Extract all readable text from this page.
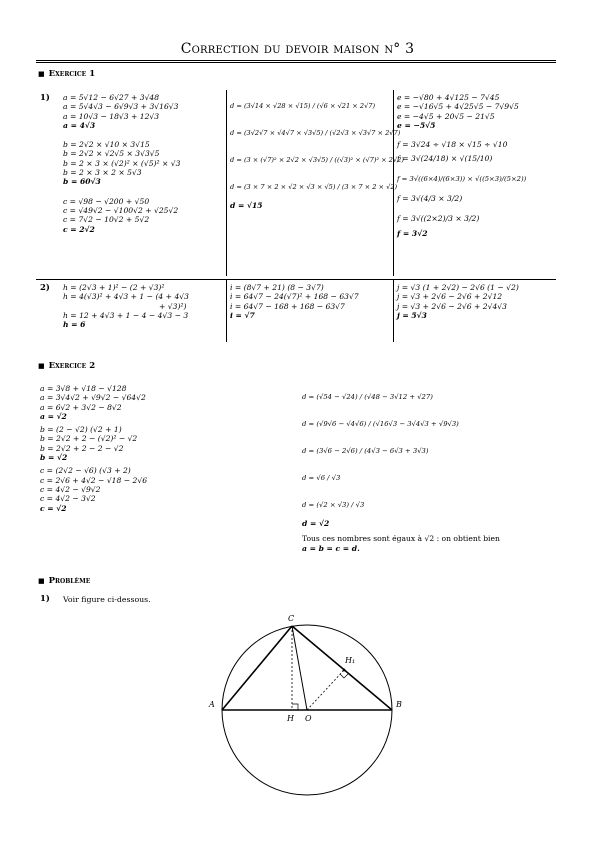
Correction du devoir maison n° 3
■ Exercice 1
1) a = 5√12 − 6√27 + 3√48
a = 5√4√3 − 6√9√3 + 3√16√3
a = 10√3 − 18√3 + 12√3
a = 4√3
b = 2√2 × √10 × 3√15
b = 2√2 × √2√5 × 3√3√5
b = 2 × 3 × (√2)² × (√5)² × √3
b = 2 × 3 × 2 × 5√3
b = 60√3
c = √98 − √200 + √50
c = √49√2 − √100√2 + √25√2
c = 7√2 − 10√2 + 5√2
c = 2√2
d = (3√14 × √28 × √15) / (√6 × √21 × 2√7)
d = (3√2√7 × √4√7 × √3√5) / (√2√3 × √3√7 × 2√7)
d = (3 × (√7)² × 2√2 × √3√5) / ((√3)² × (√7)² × 2√2)
d = (3 × 7 × 2 × √2 × √3 × √5) / (3 × 7 × 2 × √2)
d = √15
e = −√80 + 4√125 − 7√45
e = −√16√5 + 4√25√5 − 7√9√5
e = −4√5 + 20√5 − 21√5
e = −5√5
f = 3√24 ÷ √18 × √15 ÷ √10
f = 3√(24/18) × √(15/10)
f = 3√((6×4)/(6×3)) × √((5×3)/(5×2))
f = 3√(4/3 × 3/2)
f = 3√((2×2)/3 × 3/2)
f = 3√2
2) h = (2√3 + 1)² − (2 + √3)²
h = 4(√3)² + 4√3 + 1 − (4 + 4√3
+ √3)²)
h = 12 + 4√3 + 1 − 4 − 4√3 − 3
h = 6
i = (8√7 + 21) (8 − 3√7)
i = 64√7 − 24(√7)² + 168 − 63√7
i = 64√7 − 168 + 168 − 63√7
i = √7
j = √3 (1 + 2√2) − 2√6 (1 − √2)
j = √3 + 2√6 − 2√6 + 2√12
j = √3 + 2√6 − 2√6 + 2√4√3
j = 5√3
■ Exercice 2
a = 3√8 + √18 − √128
a = 3√4√2 + √9√2 − √64√2
a = 6√2 + 3√2 − 8√2
a = √2
b = (2 − √2) (√2 + 1)
b = 2√2 + 2 − (√2)² − √2
b = 2√2 + 2 − 2 − √2
b = √2
c = (2√2 − √6) (√3 + 2)
c = 2√6 + 4√2 − √18 − 2√6
c = 4√2 − √9√2
c = 4√2 − 3√2
c = √2
d = (√54 − √24) / (√48 − 3√12 + √27)
d = (√9√6 − √4√6) / (√16√3 − 3√4√3 + √9√3)
d = (3√6 − 2√6) / (4√3 − 6√3 + 3√3)
d = √6 / √3
d = (√2 × √3) / √3
d = √2
Tous ces nombres sont égaux à √2 : on obtient bien
a = b = c = d.
■ Problème
1) Voir figure ci-dessous.
A	B
C
H O
H₁
